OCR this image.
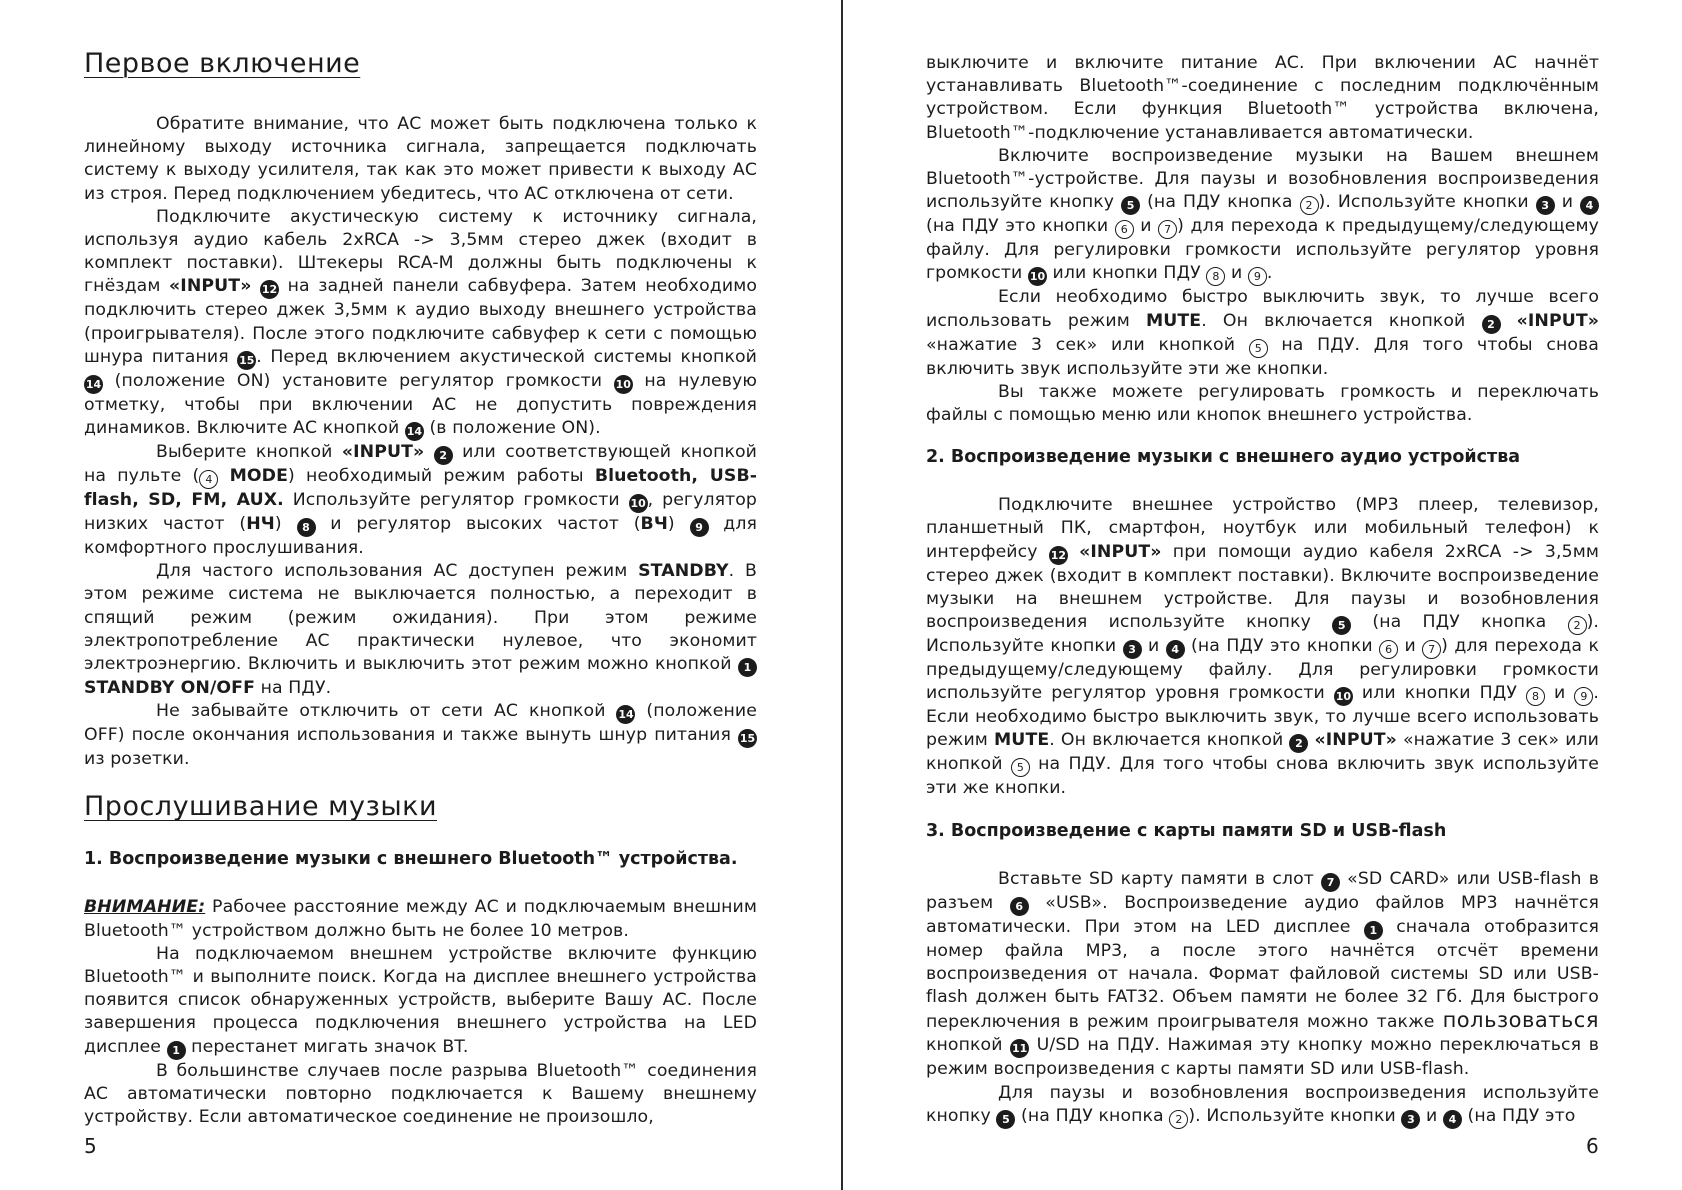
Первое включение

Обратите внимание, что АС может быть подключена только к линейному выходу источника сигнала, запрещается подключать систему к выходу усилителя, так как это может привести к выходу АС из строя. Перед подключением убедитесь, что АС отключена от сети.

Подключите акустическую систему к источнику сигнала, используя аудио кабель 2xRCA -> 3,5мм стерео джек (входит в комплект поставки). Штекеры RCA-M должны быть подключены к гнёздам «INPUT» 12 на задней панели сабвуфера. Затем необходимо подключить стерео джек 3,5мм к аудио выходу внешнего устройства (проигрывателя). После этого подключите сабвуфер к сети с помощью шнура питания 15 . Перед включением акустической системы кнопкой 14 (положение ON) установите регулятор громкости 10 на нулевую отметку, чтобы при включении АС не допустить повреждения динамиков. Включите АС кнопкой 14 (в положение ON).

Выберите кнопкой «INPUT» 2 или соответствующей кнопкой на пульте ( 4 MODE) необходимый режим работы Bluetooth, USB-flash, SD, FM, AUX. Используйте регулятор громкости 10 , регулятор низких частот (НЧ) 8 и регулятор высоких частот (ВЧ) 9 для комфортного прослушивания.

Для частого использования АС доступен режим STANDBY. В этом режиме система не выключается полностью, а переходит в спящий режим (режим ожидания). При этом режиме электропотребление АС практически нулевое, что экономит электроэнергию. Включить и выключить этот режим можно кнопкой 1 STANDBY ON/OFF на ПДУ.

Не забывайте отключить от сети АС кнопкой 14 (положение OFF) после окончания использования и также вынуть шнур питания 15 из розетки.

Прослушивание музыки
1. Воспроизведение музыки с внешнего Bluetooth™ устройства.

ВНИМАНИЕ: Рабочее расстояние между АС и подключаемым внешним Bluetooth™ устройством должно быть не более 10 метров.

На подключаемом внешнем устройстве включите функцию Bluetooth™ и выполните поиск. Когда на дисплее внешнего устройства появится список обнаруженных устройств, выберите Вашу АС. После завершения процесса подключения внешнего устройства на LED дисплее 1 перестанет мигать значок BT.

В большинстве случаев после разрыва Bluetooth™ соединения АС автоматически повторно подключается к Вашему внешнему устройству. Если автоматическое соединение не произошло,

5

выключите и включите питание АС. При включении АС начнёт устанавливать Bluetooth™-соединение с последним подключённым устройством. Если функция Bluetooth™ устройства включена, Bluetooth™-подключение устанавливается автоматически.

Включите воспроизведение музыки на Вашем внешнем Bluetooth™-устройстве. Для паузы и возобновления воспроизведения используйте кнопку 5 (на ПДУ кнопка 2 ). Используйте кнопки 3 и 4 (на ПДУ это кнопки 6 и 7 ) для перехода к предыдущему/следующему файлу. Для регулировки громкости используйте регулятор уровня громкости 10 или кнопки ПДУ 8 и 9 .

Если необходимо быстро выключить звук, то лучше всего использовать режим MUTE. Он включается кнопкой 2 «INPUT» «нажатие 3 сек» или кнопкой 5 на ПДУ. Для того чтобы снова включить звук используйте эти же кнопки.

Вы также можете регулировать громкость и переключать файлы с помощью меню или кнопок внешнего устройства.

2. Воспроизведение музыки с внешнего аудио устройства

Подключите внешнее устройство (MP3 плеер, телевизор, планшетный ПК, смартфон, ноутбук или мобильный телефон) к интерфейсу 12 «INPUT» при помощи аудио кабеля 2xRCA -> 3,5мм стерео джек (входит в комплект поставки). Включите воспроизведение музыки на внешнем устройстве. Для паузы и возобновления воспроизведения используйте кнопку 5 (на ПДУ кнопка 2 ). Используйте кнопки 3 и 4 (на ПДУ это кнопки 6 и 7 ) для перехода к предыдущему/следующему файлу. Для регулировки громкости используйте регулятор уровня громкости 10 или кнопки ПДУ 8 и 9 . Если необходимо быстро выключить звук, то лучше всего использовать режим MUTE. Он включается кнопкой 2 «INPUT» «нажатие 3 сек» или кнопкой 5 на ПДУ. Для того чтобы снова включить звук используйте эти же кнопки.

3. Воспроизведение с карты памяти SD и USB-flash

Вставьте SD карту памяти в слот 7 «SD CARD» или USB-flash в разъем 6 «USB». Воспроизведение аудио файлов MP3 начнётся автоматически. При этом на LED дисплее 1 сначала отобразится номер файла MP3, а после этого начнётся отсчёт времени воспроизведения от начала. Формат файловой системы SD или USB-flash должен быть FAT32. Объем памяти не более 32 Гб. Для быстрого переключения в режим проигрывателя можно также пользоваться кнопкой 11 U/SD на ПДУ. Нажимая эту кнопку можно переключаться в режим воспроизведения с карты памяти SD или USB-flash.

Для паузы и возобновления воспроизведения используйте кнопку 5 (на ПДУ кнопка 2 ). Используйте кнопки 3 и 4 (на ПДУ это

6
